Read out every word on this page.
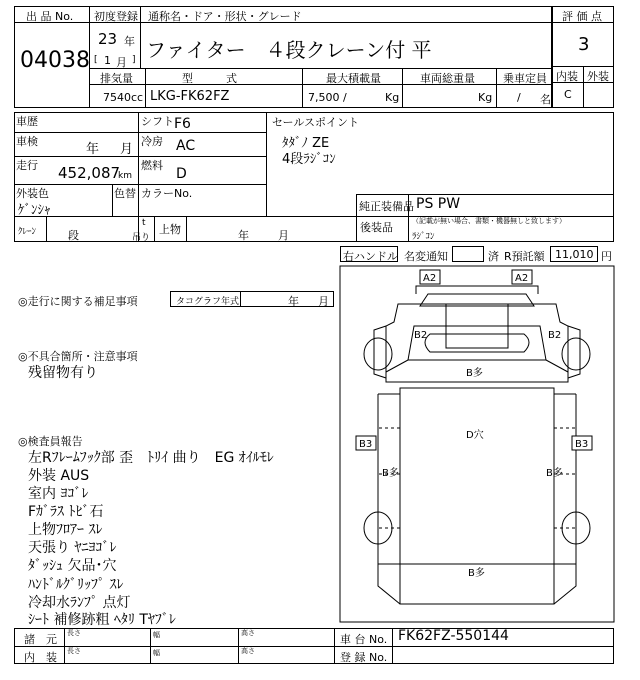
出 品 No.
04038
初度登録 通称名・ドア・形状・グレード
23 年
[ 1 月 ] ファイター　４段クレーン付 平
評 価 点
3
内装 外装
C
排気量	型　　　式	最大積載量	車両総重量	乗車定員
7540 cc LKG-FK62FZ	7,500 /	Kg	Kg / 名
車歴	シフト F6
車検
年 月
冷房 AC
走行 452,087
km
燃料
D
外装色
ｹﾞﾝｼｬ
色替 カラーNo.
セールスポイント
ﾀﾀﾞﾉ ZE
4段ﾗｼﾞｺﾝ
純正装備品 PS PW
後装品	（記載が無い場合、書類・機器無しと致します）
ﾗｼﾞｺﾝ
ｸﾚｰﾝ	段
t
吊り
上物	年	月
右ハンドル 名変通知	済 R預託額 11,010 円
◎走行に関する補足事項	タコグラフ年式	年 月
◎不具合箇所・注意事項
残留物有り
◎検査員報告
左Rﾌﾚｰﾑﾌｯｸ部 歪　ﾄﾘｲ 曲り　EG ｵｲﾙﾓﾚ
外装 AUS
室内 ﾖｺﾞﾚ
Fｶﾞﾗｽ ﾄﾋﾞ石
上物ﾌﾛｱｰ ｽﾚ
天張り ﾔﾆﾖｺﾞﾚ
ﾀﾞｯｼｭ 欠品･穴
ﾊﾝﾄﾞﾙｸﾞﾘｯﾌﾟ ｽﾚ
冷却水ﾗﾝﾌﾟ 点灯
ｼｰﾄ 補修跡粗 ﾍﾀﾘ Tﾔﾌﾞﾚ
A2	A2
B2	B2
B多
B3	B3
D穴
B多	B多
B多
諸　元
内　装
長さ	幅	高さ
長さ	幅	高さ
車 台 No. FK62FZ-550144
登 録 No.
